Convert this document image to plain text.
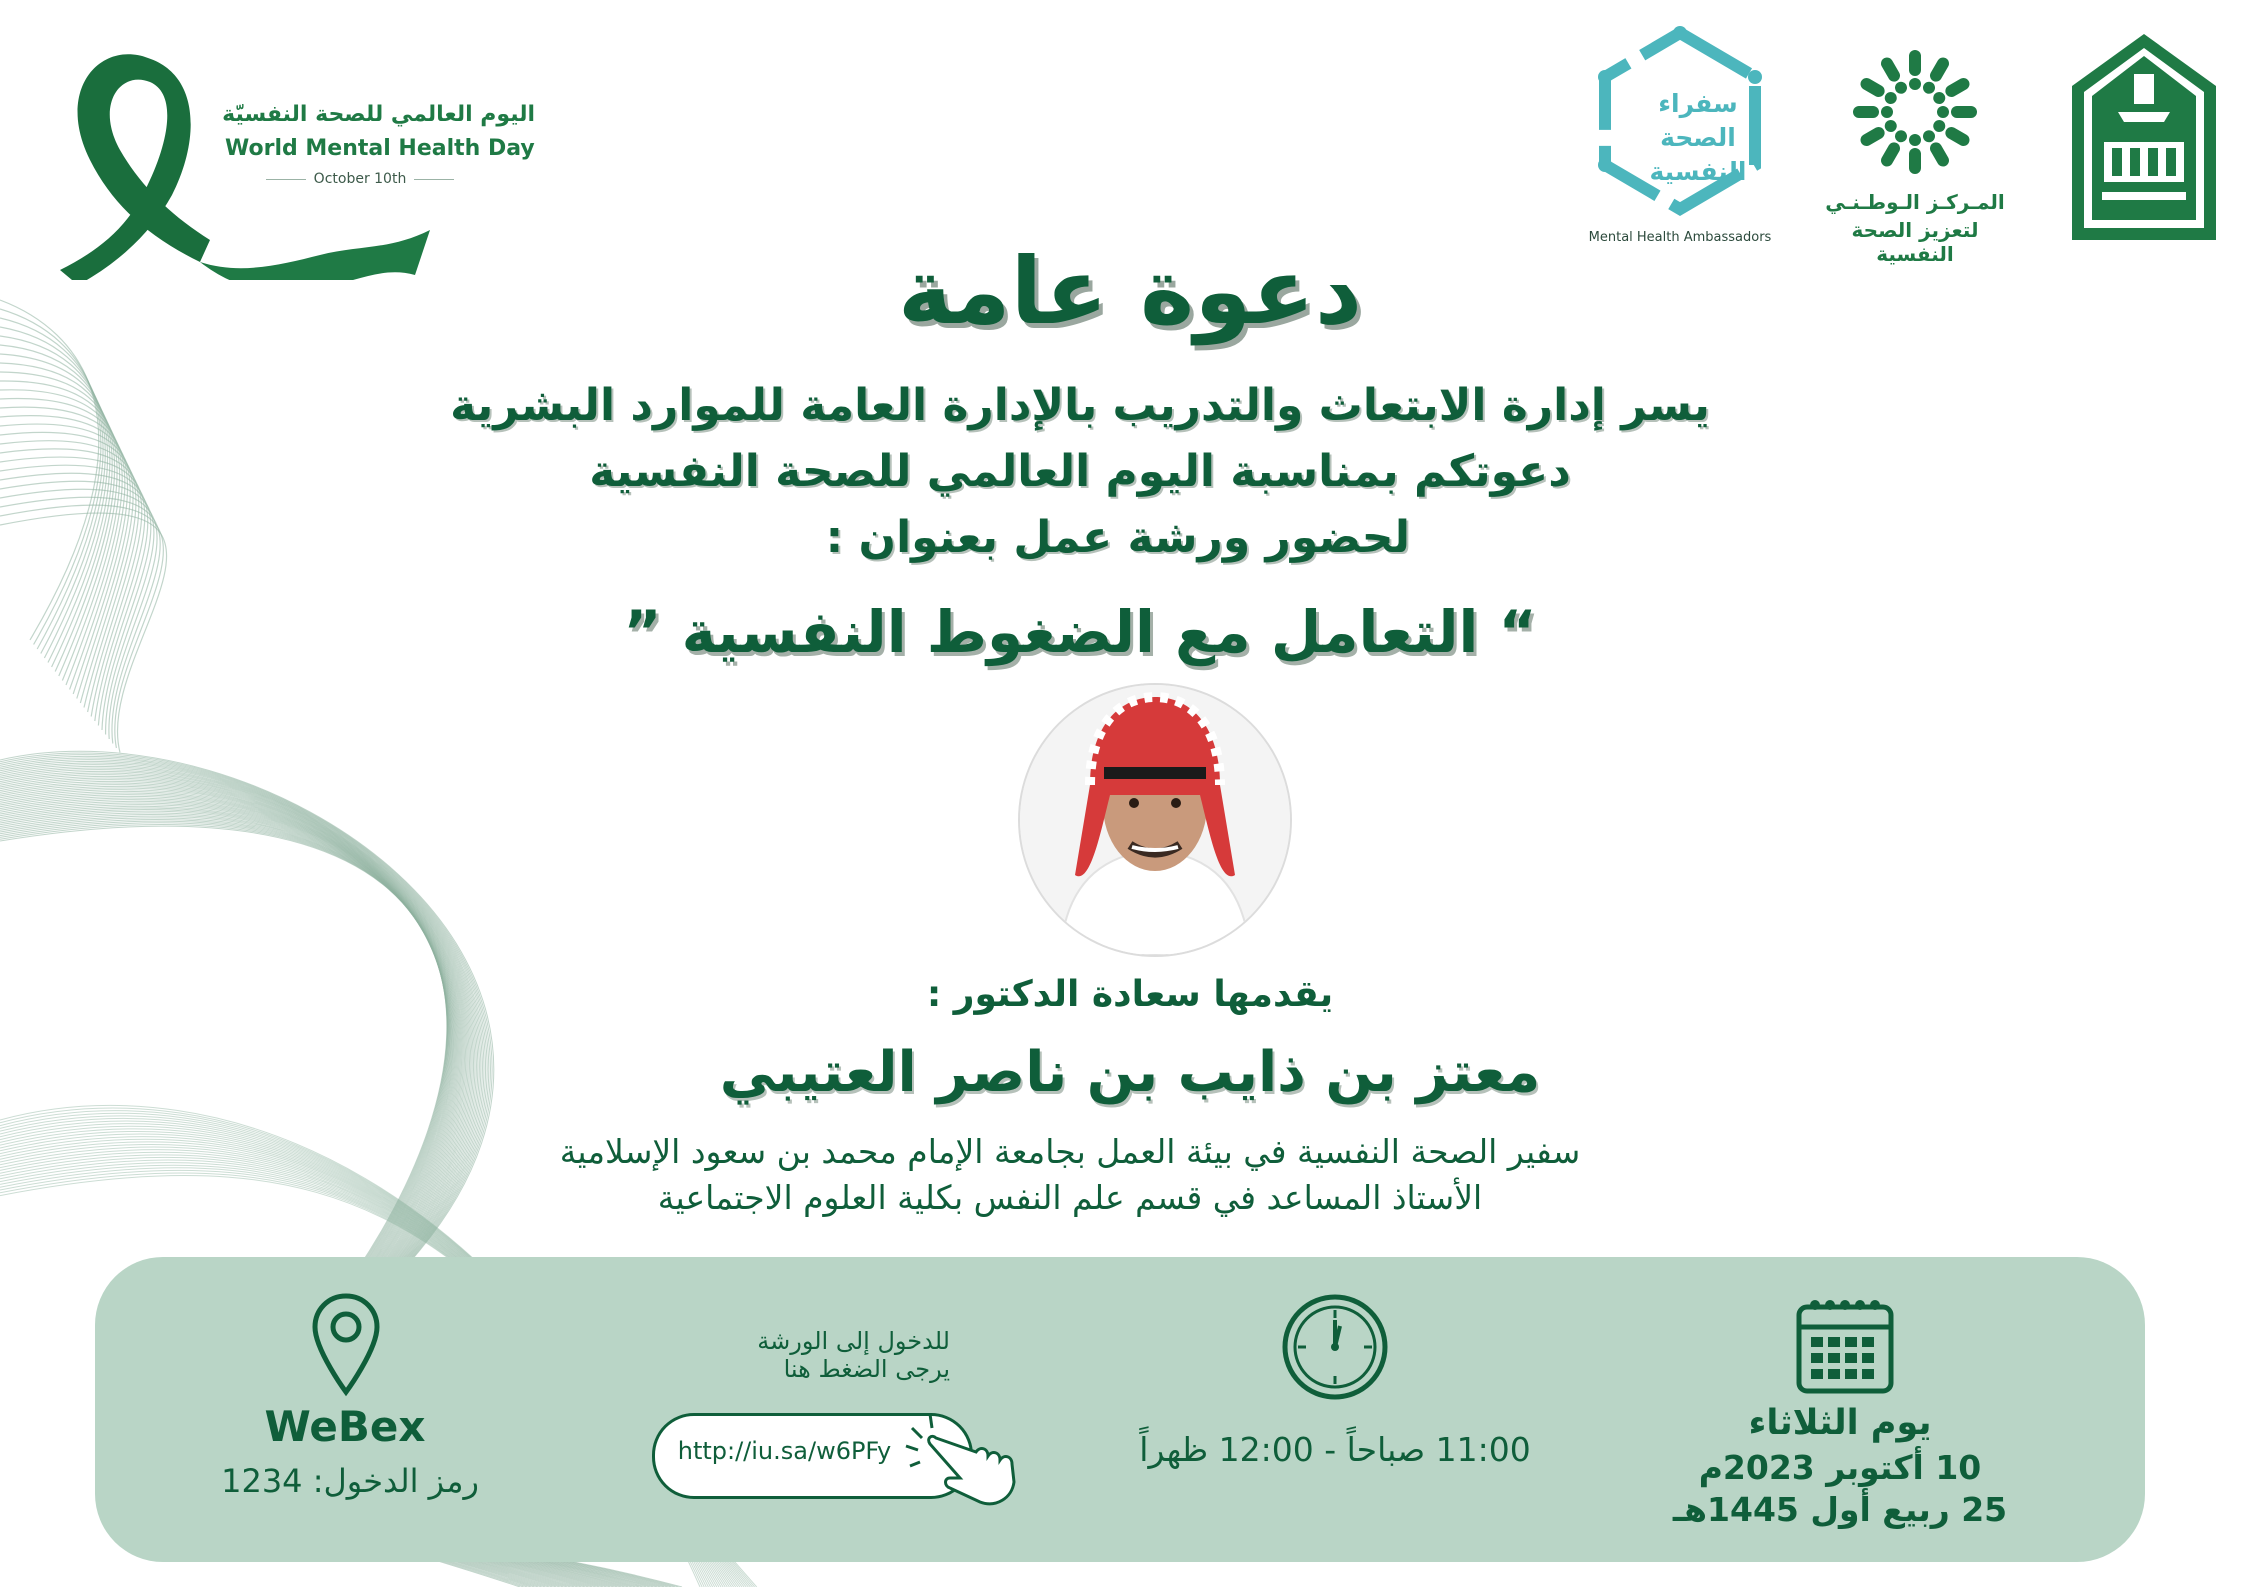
اليوم العالمي للصحة النفسيّة
World Mental Health Day
October 10th
سفراء
الصحة
النفسية
Mental Health Ambassadors
المـركـز الـوطـنـي
لتعزيز الصحة النفسية
دعوة عامة
يسر إدارة الابتعاث والتدريب بالإدارة العامة للموارد البشرية
دعوتكم بمناسبة اليوم العالمي للصحة النفسية
لحضور ورشة عمل بعنوان :
“ التعامل مع الضغوط النفسية ”
يقدمها سعادة الدكتور :
معتز بن ذايب بن ناصر العتيبي
سفير الصحة النفسية في بيئة العمل بجامعة الإمام محمد بن سعود الإسلامية
الأستاذ المساعد في قسم علم النفس بكلية العلوم الاجتماعية
WeBex
رمز الدخول: 1234
للدخول إلى الورشة
يرجى الضغط هنا
http://iu.sa/w6PFy	11:00 صباحاً - 12:00 ظهراً
يوم الثلاثاء
10 أكتوبر 2023م
25 ربيع أول 1445هـ
